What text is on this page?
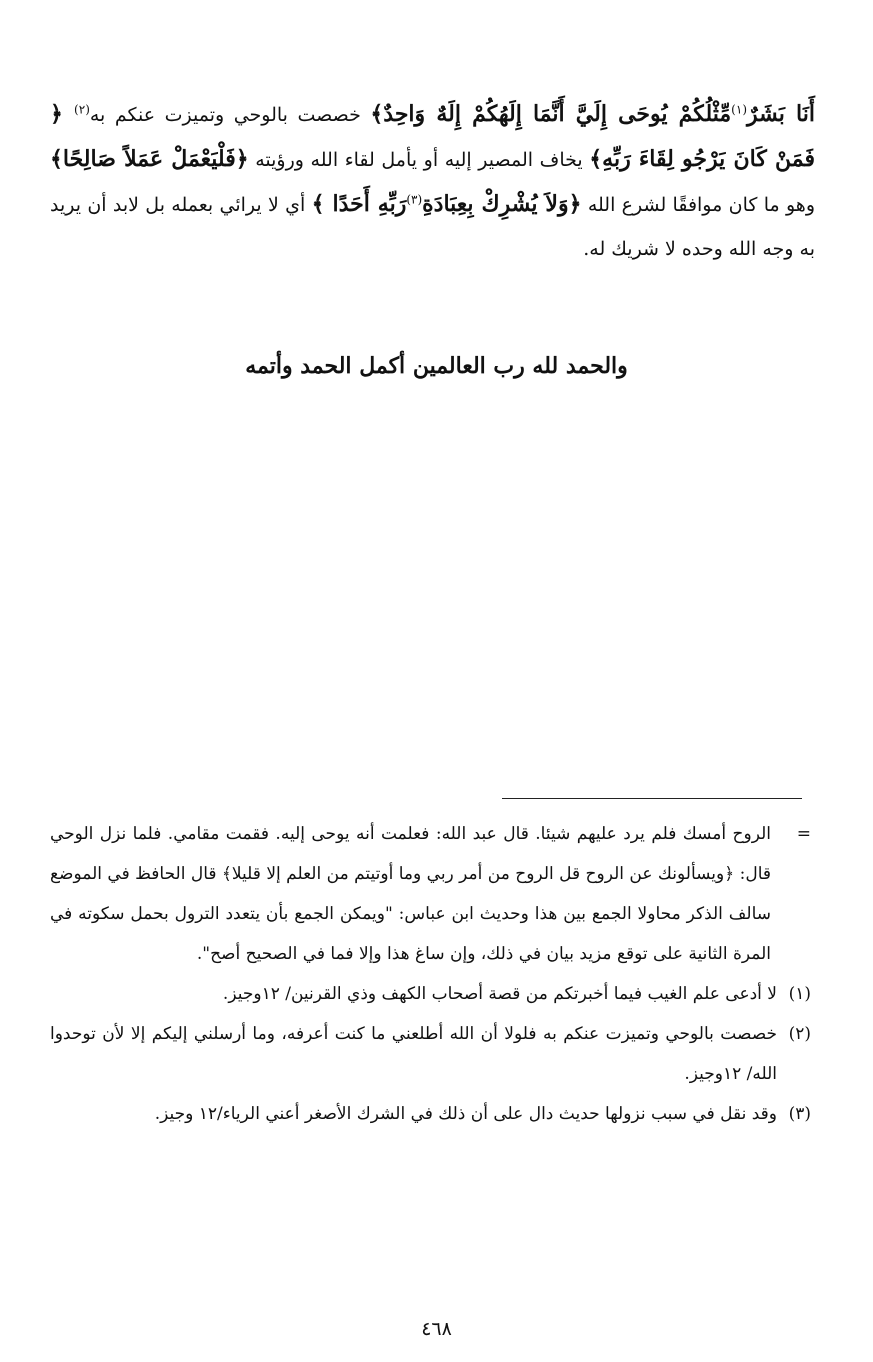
أَنَا بَشَرٌ$^{(١)}$مِّثْلُكُمْ يُوحَى إِلَيَّ أَنَّمَا إِلَهُكُمْ إِلَهٌ وَاحِدٌ﴾ خصصت بالوحي وتميزت عنكم به$^{(٢)}$ ﴿ فَمَنْ كَانَ يَرْجُو لِقَاءَ رَبِّهِ﴾ يخاف المصير إليه أو يأمل لقاء الله ورؤيته ﴿فَلْيَعْمَلْ عَمَلاً صَالِحًا﴾ وهو ما كان موافقًا لشرع الله ﴿وَلاَ يُشْرِكْ بِعِبَادَةِ$^{(٣)}$رَبِّهِ أَحَدًا ﴾ أي لا يرائي بعمله بل لابد أن يريد به وجه الله وحده لا شريك له.
والحمد لله رب العالمين أكمل الحمد وأتمه
=
الروح أمسك فلم يرد عليهم شيئا. قال عبد الله: فعلمت أنه يوحى إليه. فقمت مقامي. فلما نزل الوحي قال: ﴿ويسألونك عن الروح قل الروح من أمر ربي وما أوتيتم من العلم إلا قليلا﴾ قال الحافظ في الموضع سالف الذكر محاولا الجمع بين هذا وحديث ابن عباس: "ويمكن الجمع بأن يتعدد الترول بحمل سكوته في المرة الثانية على توقع مزيد بيان في ذلك، وإن ساغ هذا وإلا فما في الصحيح أصح".
(١)
لا أدعى علم الغيب فيما أخبرتكم من قصة أصحاب الكهف وذي القرنين/ ١٢وجيز.
(٢)
خصصت بالوحي وتميزت عنكم به فلولا أن الله أطلعني ما كنت أعرفه، وما أرسلني إليكم إلا لأن توحدوا الله/ ١٢وجيز.
(٣)
وقد نقل في سبب نزولها حديث دال على أن ذلك في الشرك الأصغر أعني الرياء/١٢ وجيز.
٤٦٨
